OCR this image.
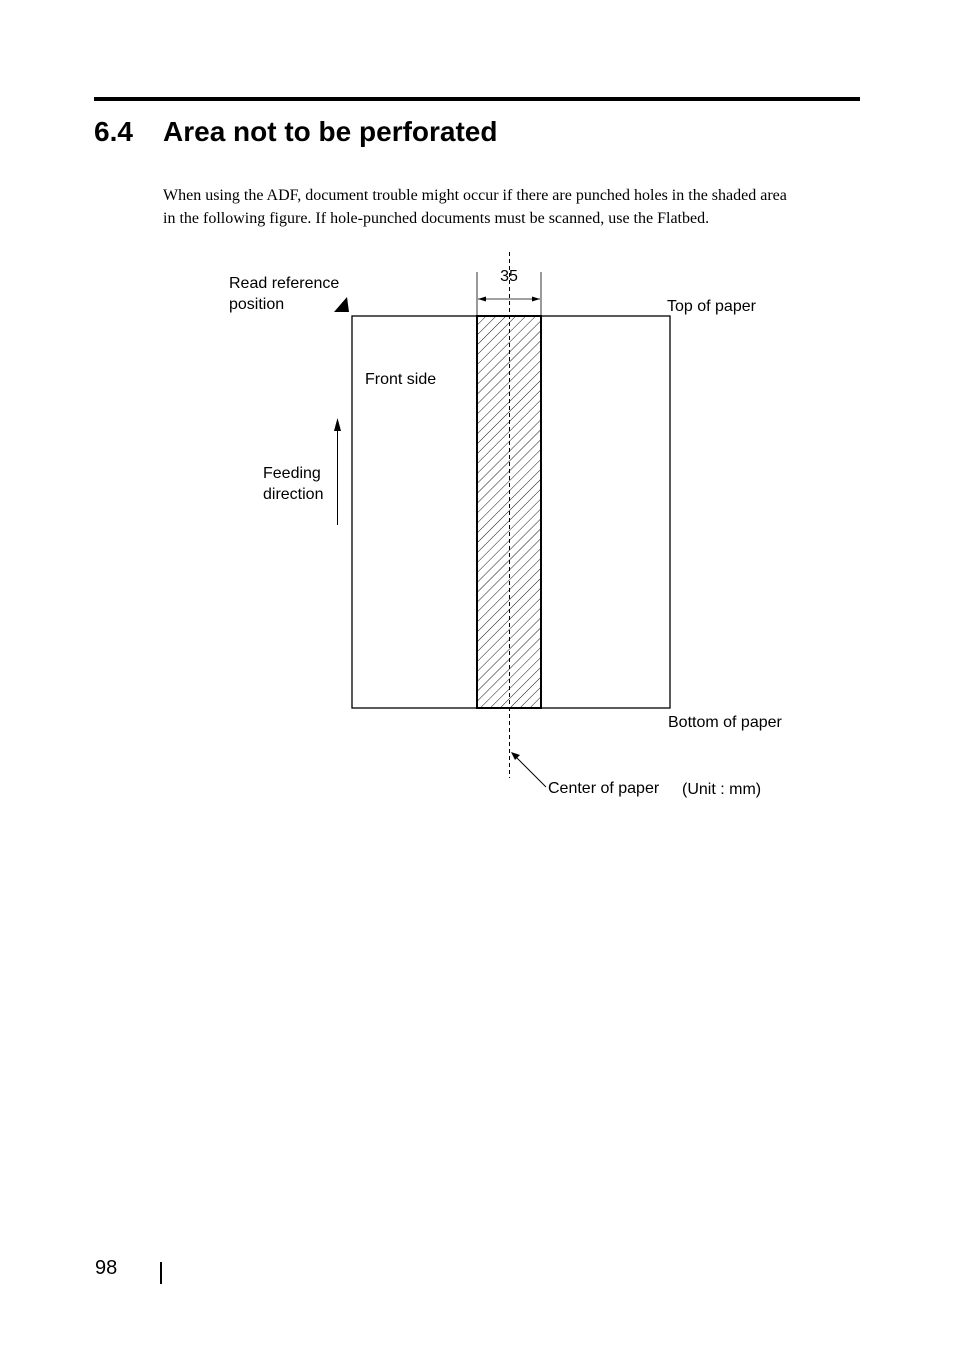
6.4 Area not to be perforated

When using the ADF, document trouble might occur if there are punched holes in the shaded area
in the following figure. If hole-punched documents must be scanned, use the Flatbed.

35
Read reference
position	Top of paper
Front side
Feeding
direction
Bottom of paper
Center of paper (Unit : mm)
98
